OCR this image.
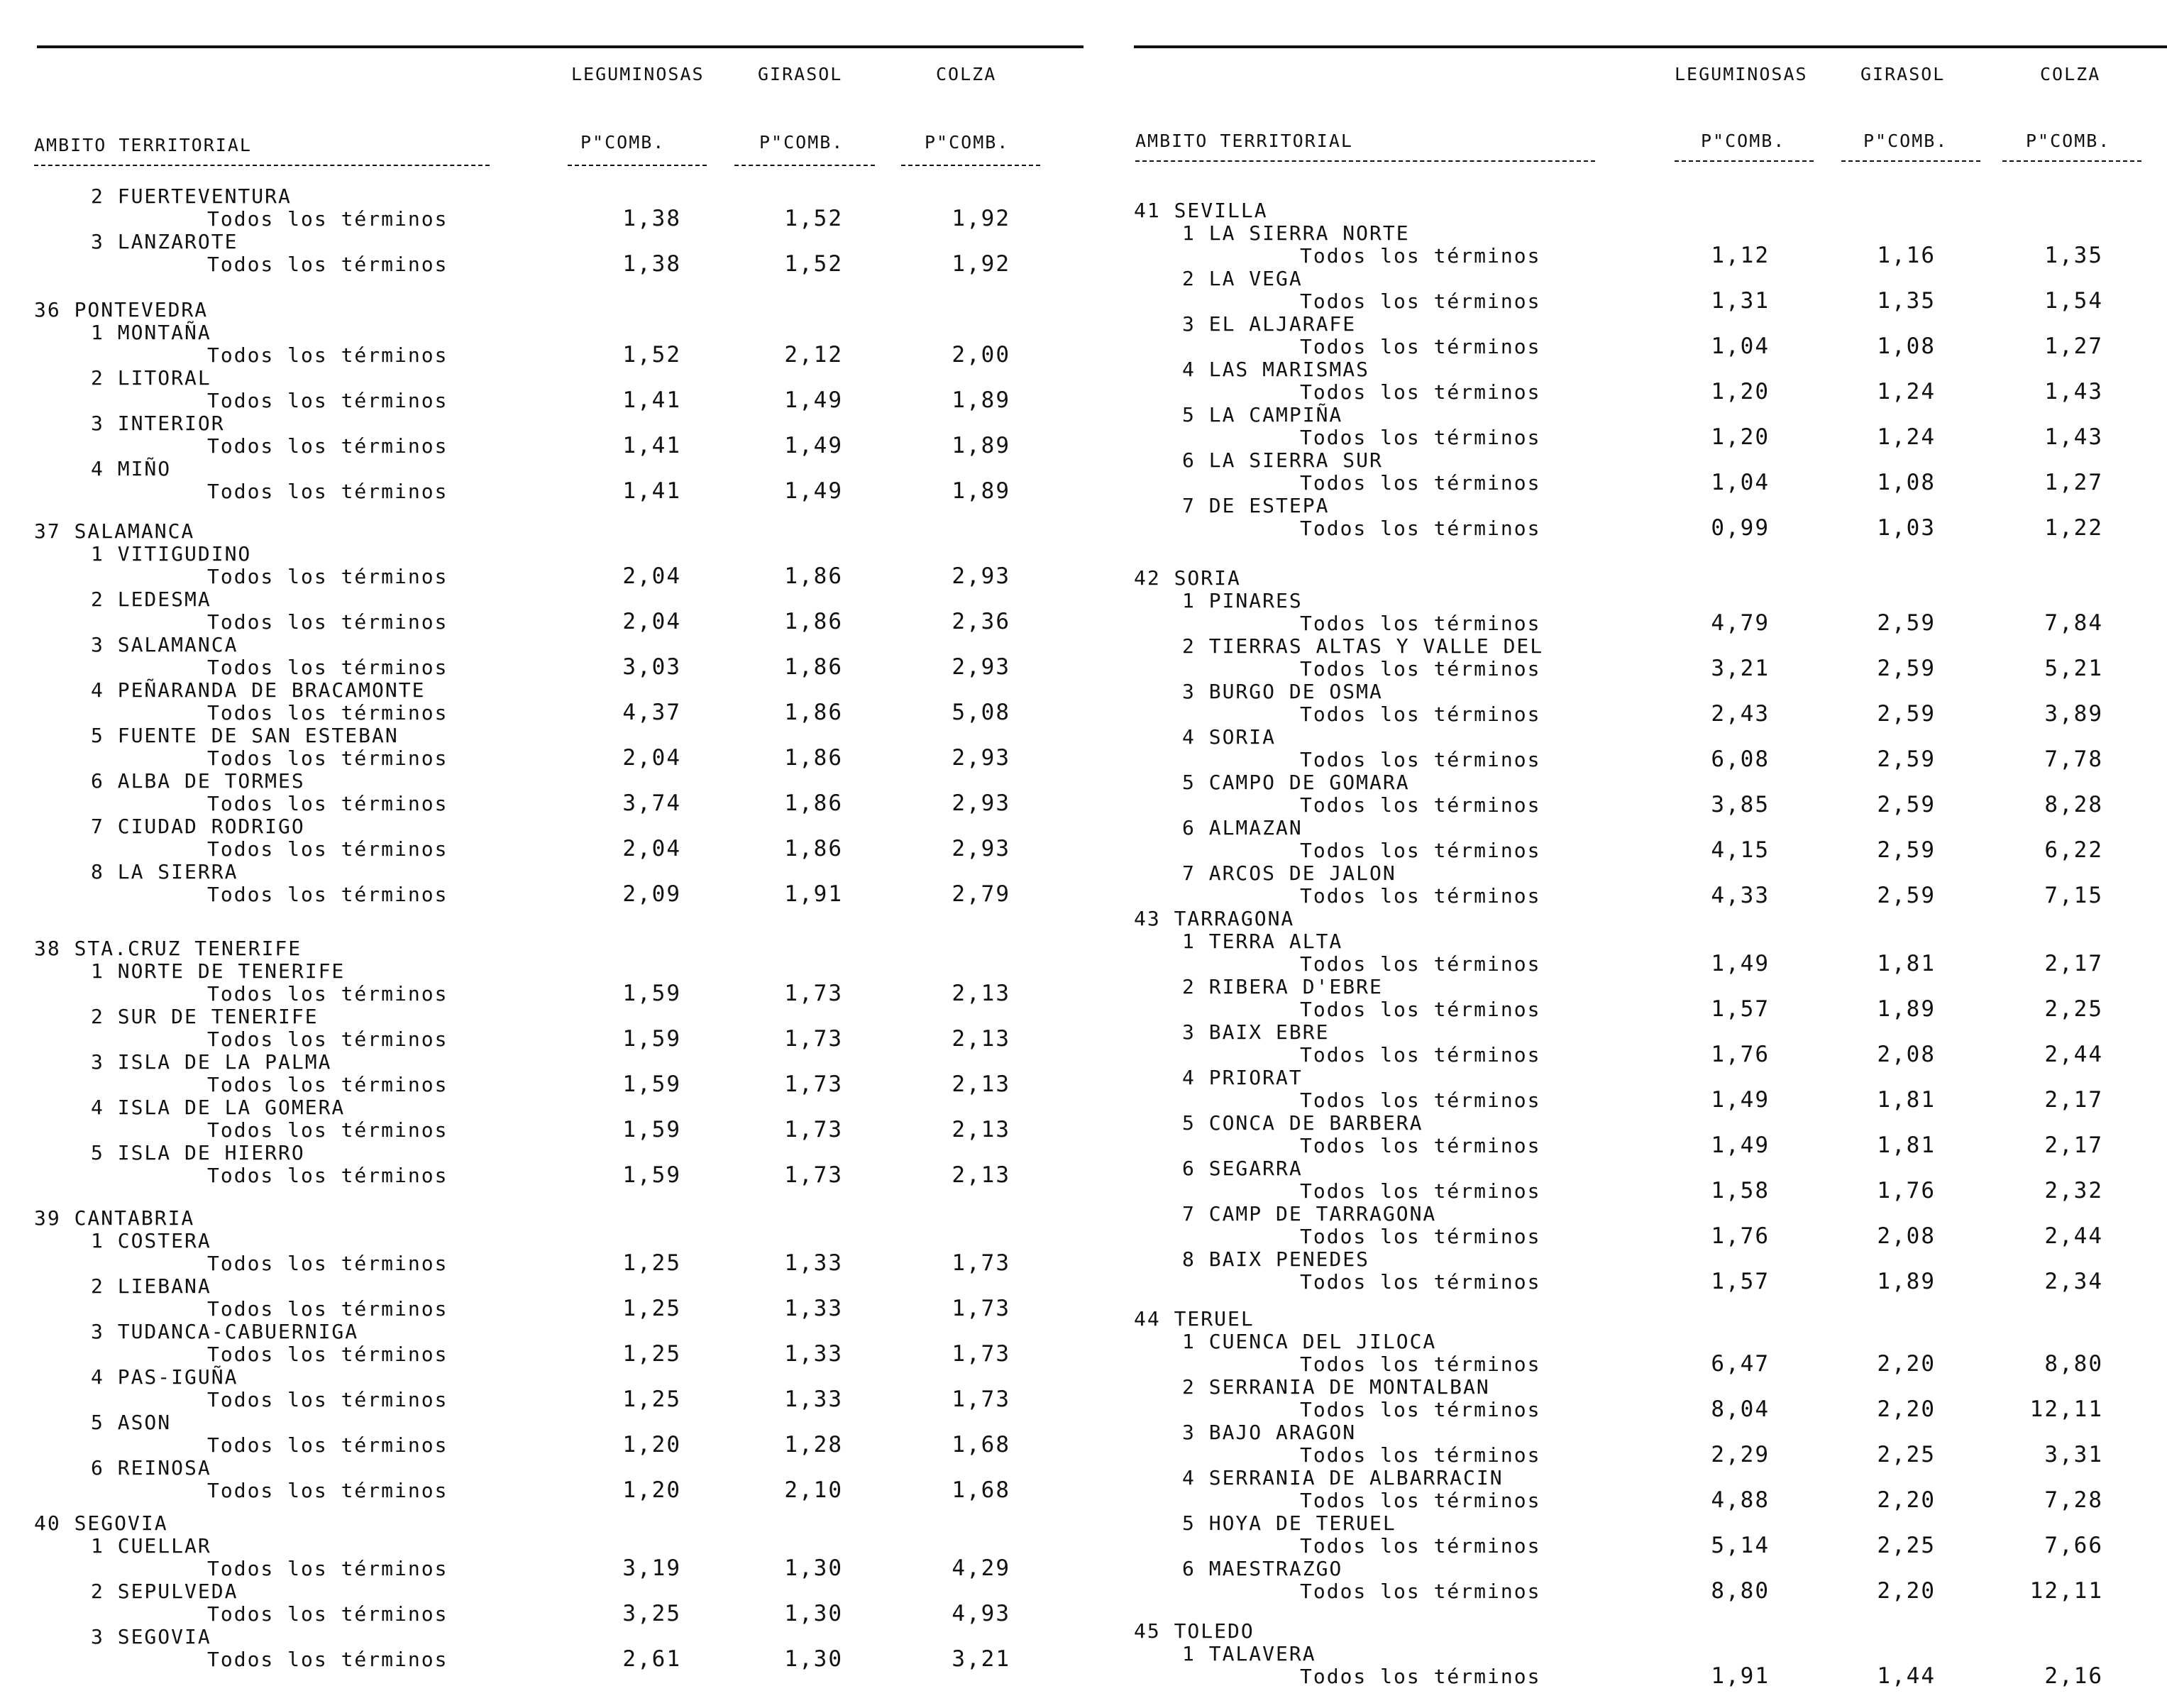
LEGUMINOSAS	GIRASOL	COLZA
AMBITO TERRITORIAL	P"COMB.	P"COMB.	P"COMB.
2 FUERTEVENTURA
Todos los términos	1,38	1,52	1,92
3 LANZAROTE
Todos los términos	1,38	1,52	1,92
36 PONTEVEDRA
1 MONTAÑA
Todos los términos	1,52	2,12	2,00
2 LITORAL
Todos los términos	1,41	1,49	1,89
3 INTERIOR
Todos los términos	1,41	1,49	1,89
4 MIÑO
Todos los términos	1,41	1,49	1,89
37 SALAMANCA
1 VITIGUDINO
Todos los términos	2,04	1,86	2,93
2 LEDESMA
Todos los términos	2,04	1,86	2,36
3 SALAMANCA
Todos los términos	3,03	1,86	2,93
4 PEÑARANDA DE BRACAMONTE
Todos los términos	4,37	1,86	5,08
5 FUENTE DE SAN ESTEBAN
Todos los términos	2,04	1,86	2,93
6 ALBA DE TORMES
Todos los términos	3,74	1,86	2,93
7 CIUDAD RODRIGO
Todos los términos	2,04	1,86	2,93
8 LA SIERRA
Todos los términos	2,09	1,91	2,79
38 STA.CRUZ TENERIFE
1 NORTE DE TENERIFE
Todos los términos	1,59	1,73	2,13
2 SUR DE TENERIFE
Todos los términos	1,59	1,73	2,13
3 ISLA DE LA PALMA
Todos los términos	1,59	1,73	2,13
4 ISLA DE LA GOMERA
Todos los términos	1,59	1,73	2,13
5 ISLA DE HIERRO
Todos los términos	1,59	1,73	2,13
39 CANTABRIA
1 COSTERA
Todos los términos	1,25	1,33	1,73
2 LIEBANA
Todos los términos	1,25	1,33	1,73
3 TUDANCA-CABUERNIGA
Todos los términos	1,25	1,33	1,73
4 PAS-IGUÑA
Todos los términos	1,25	1,33	1,73
5 ASON
Todos los términos	1,20	1,28	1,68
6 REINOSA
Todos los términos	1,20	2,10	1,68
40 SEGOVIA
1 CUELLAR
Todos los términos	3,19	1,30	4,29
2 SEPULVEDA
Todos los términos	3,25	1,30	4,93
3 SEGOVIA
Todos los términos	2,61	1,30	3,21
LEGUMINOSAS	GIRASOL	COLZA
AMBITO TERRITORIAL	P"COMB.	P"COMB.	P"COMB.
41 SEVILLA
1 LA SIERRA NORTE
Todos los términos	1,12	1,16	1,35
2 LA VEGA
Todos los términos	1,31	1,35	1,54
3 EL ALJARAFE
Todos los términos	1,04	1,08	1,27
4 LAS MARISMAS
Todos los términos	1,20	1,24	1,43
5 LA CAMPIÑA
Todos los términos	1,20	1,24	1,43
6 LA SIERRA SUR
Todos los términos	1,04	1,08	1,27
7 DE ESTEPA
Todos los términos	0,99	1,03	1,22
42 SORIA
1 PINARES
Todos los términos	4,79	2,59	7,84
2 TIERRAS ALTAS Y VALLE DEL
Todos los términos	3,21	2,59	5,21
3 BURGO DE OSMA
Todos los términos	2,43	2,59	3,89
4 SORIA
Todos los términos	6,08	2,59	7,78
5 CAMPO DE GOMARA
Todos los términos	3,85	2,59	8,28
6 ALMAZAN
Todos los términos	4,15	2,59	6,22
7 ARCOS DE JALON
Todos los términos	4,33	2,59	7,15
43 TARRAGONA
1 TERRA ALTA
Todos los términos	1,49	1,81	2,17
2 RIBERA D'EBRE
Todos los términos	1,57	1,89	2,25
3 BAIX EBRE
Todos los términos	1,76	2,08	2,44
4 PRIORAT
Todos los términos	1,49	1,81	2,17
5 CONCA DE BARBERA
Todos los términos	1,49	1,81	2,17
6 SEGARRA
Todos los términos	1,58	1,76	2,32
7 CAMP DE TARRAGONA
Todos los términos	1,76	2,08	2,44
8 BAIX PENEDES
Todos los términos	1,57	1,89	2,34
44 TERUEL
1 CUENCA DEL JILOCA
Todos los términos	6,47	2,20	8,80
2 SERRANIA DE MONTALBAN
Todos los términos	8,04	2,20	12,11
3 BAJO ARAGON
Todos los términos	2,29	2,25	3,31
4 SERRANIA DE ALBARRACIN
Todos los términos	4,88	2,20	7,28
5 HOYA DE TERUEL
Todos los términos	5,14	2,25	7,66
6 MAESTRAZGO
Todos los términos	8,80	2,20	12,11
45 TOLEDO
1 TALAVERA
Todos los términos	1,91	1,44	2,16
